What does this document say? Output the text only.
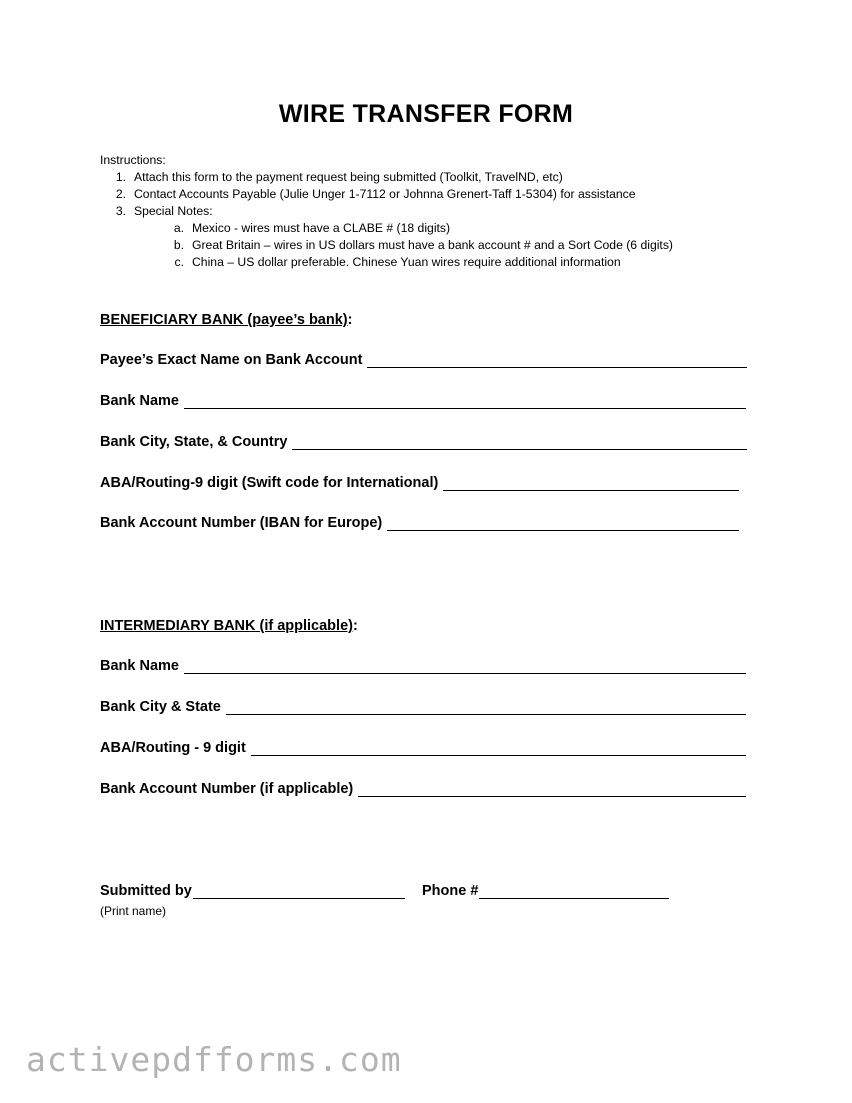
WIRE TRANSFER FORM
Instructions:
1. Attach this form to the payment request being submitted (Toolkit, TravelND, etc)
2. Contact Accounts Payable (Julie Unger 1-7112 or Johnna Grenert-Taff 1-5304) for assistance
3. Special Notes:
a. Mexico - wires must have a CLABE # (18 digits)
b. Great Britain – wires in US dollars must have a bank account # and a Sort Code (6 digits)
c. China – US dollar preferable. Chinese Yuan wires require additional information
BENEFICIARY BANK (payee’s bank):
Payee’s Exact Name on Bank Account
Bank Name
Bank City, State, & Country
ABA/Routing-9 digit (Swift code for International)
Bank Account Number (IBAN for Europe)
INTERMEDIARY BANK (if applicable):
Bank Name
Bank City & State
ABA/Routing - 9 digit
Bank Account Number (if applicable)
Submitted by	Phone #
(Print name)
activepdfforms.com
